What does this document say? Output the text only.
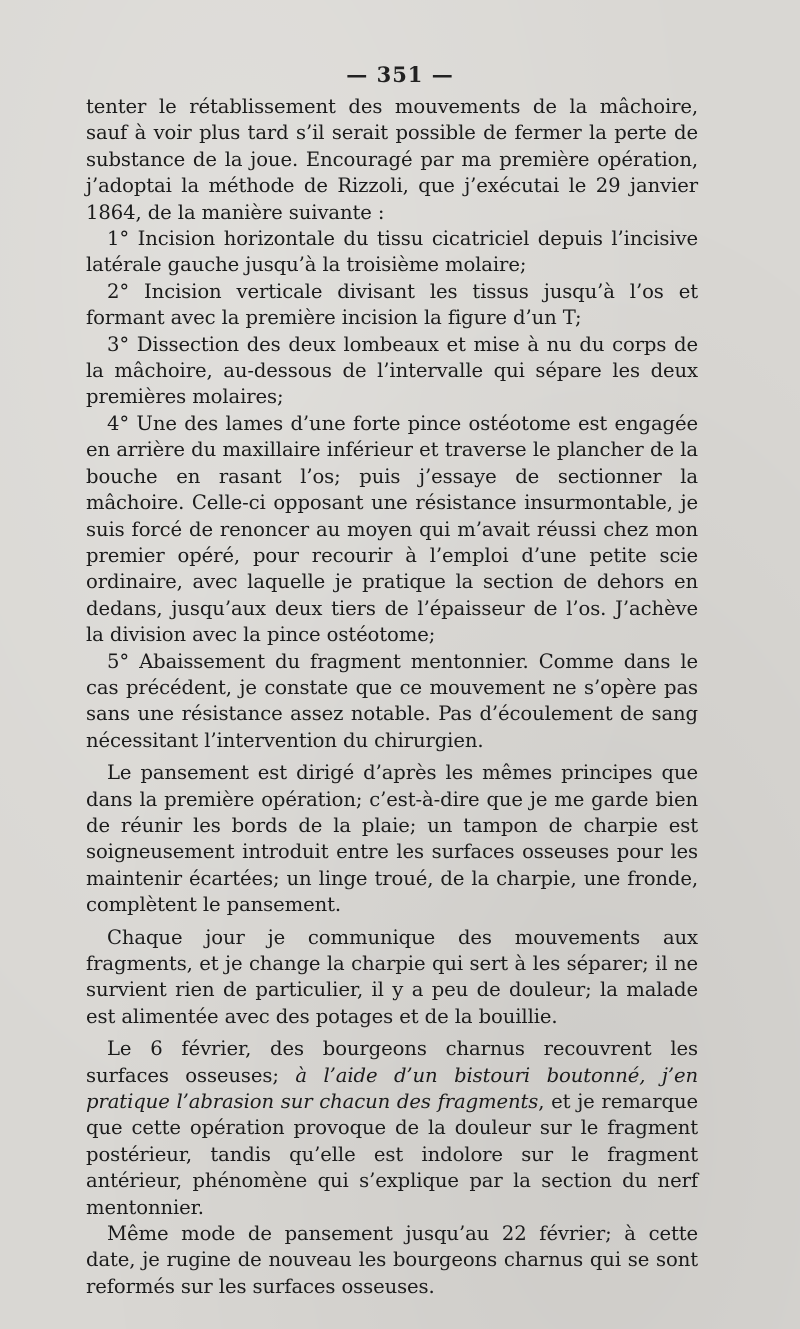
— 351 —

tenter le rétablissement des mouvements de la mâchoire, sauf à voir plus tard s’il serait possible de fermer la perte de substance de la joue. Encouragé par ma première opération, j’adoptai la méthode de Rizzoli, que j’exécutai le 29 janvier 1864, de la manière suivante :

1° Incision horizontale du tissu cicatriciel depuis l’incisive latérale gauche jusqu’à la troisième molaire;

2° Incision verticale divisant les tissus jusqu’à l’os et formant avec la première incision la figure d’un T;

3° Dissection des deux lombeaux et mise à nu du corps de la mâchoire, au-dessous de l’intervalle qui sépare les deux premières molaires;

4° Une des lames d’une forte pince ostéotome est engagée en arrière du maxillaire inférieur et traverse le plancher de la bouche en rasant l’os; puis j’essaye de sectionner la mâchoire. Celle-ci opposant une résistance insurmontable, je suis forcé de renoncer au moyen qui m’avait réussi chez mon premier opéré, pour recourir à l’emploi d’une petite scie ordinaire, avec laquelle je pratique la section de dehors en dedans, jusqu’aux deux tiers de l’épaisseur de l’os. J’achève la division avec la pince ostéotome;

5° Abaissement du fragment mentonnier. Comme dans le cas précédent, je constate que ce mouvement ne s’opère pas sans une résistance assez notable. Pas d’écoulement de sang nécessitant l’intervention du chirurgien.

Le pansement est dirigé d’après les mêmes principes que dans la première opération; c’est-à-dire que je me garde bien de réunir les bords de la plaie; un tampon de charpie est soigneusement introduit entre les surfaces osseuses pour les maintenir écartées; un linge troué, de la charpie, une fronde, complètent le pansement.

Chaque jour je communique des mouvements aux fragments, et je change la charpie qui sert à les séparer; il ne survient rien de particulier, il y a peu de douleur; la malade est alimentée avec des potages et de la bouillie.

Le 6 février, des bourgeons charnus recouvrent les surfaces osseuses; à l’aide d’un bistouri boutonné, j’en pratique l’abrasion sur chacun des fragments, et je remarque que cette opération provoque de la douleur sur le fragment postérieur, tandis qu’elle est indolore sur le fragment antérieur, phénomène qui s’explique par la section du nerf mentonnier.

Même mode de pansement jusqu’au 22 février; à cette date, je rugine de nouveau les bourgeons charnus qui se sont reformés sur les surfaces osseuses.
